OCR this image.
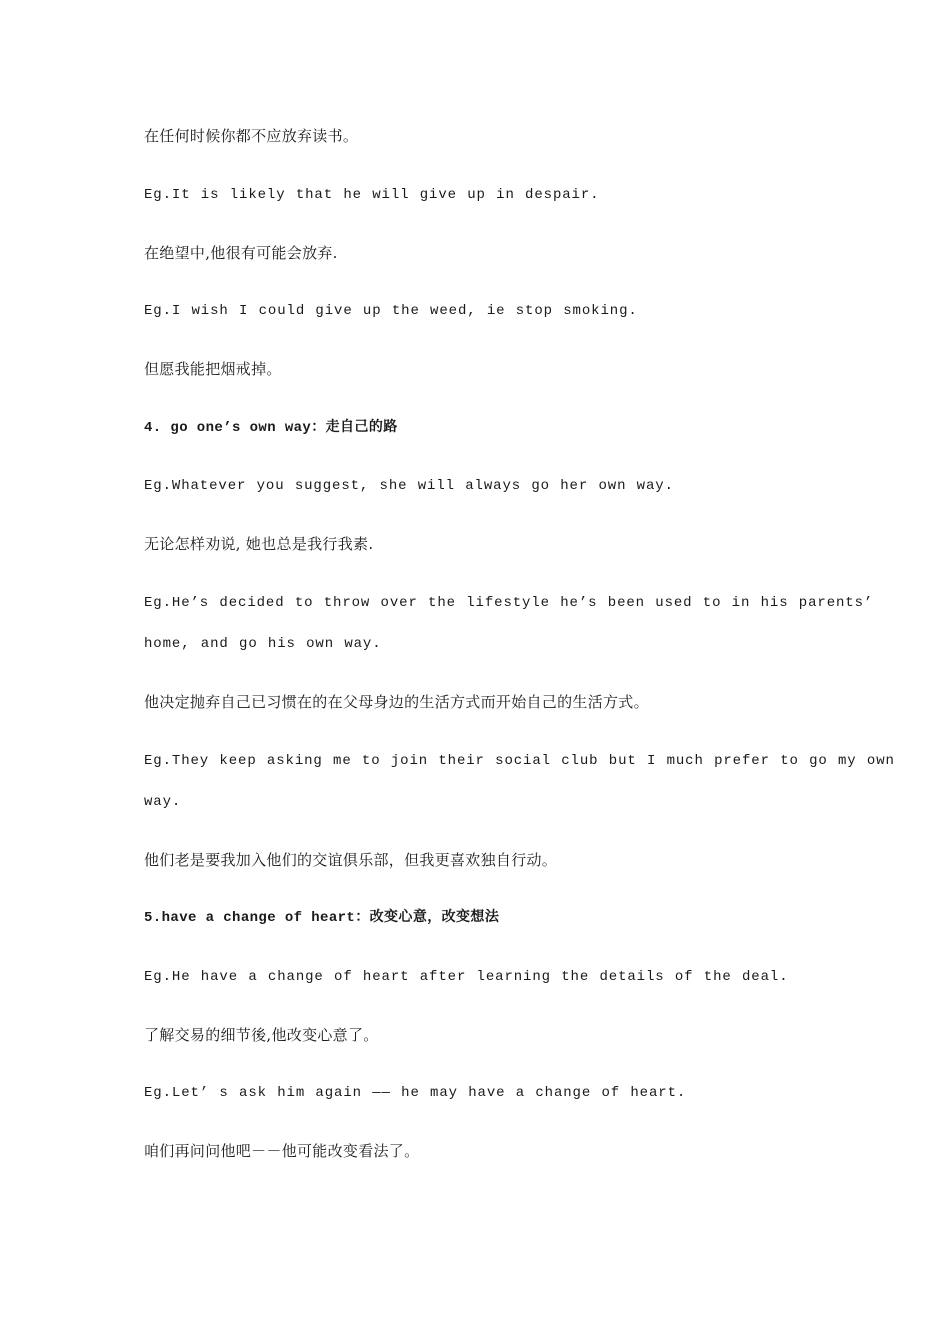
在任何时候你都不应放弃读书。

Eg.It is likely that he will give up in despair.

在绝望中,他很有可能会放弃.

Eg.I wish I could give up the weed, ie stop smoking.

但愿我能把烟戒掉。

4. go one’s own way：走自己的路

Eg.Whatever you suggest, she will always go her own way.

无论怎样劝说, 她也总是我行我素.

Eg.He’s decided to throw over the lifestyle he’s been used to in his parents’

home, and go his own way.

他决定抛弃自己已习惯在的在父母身边的生活方式而开始自己的生活方式。

Eg.They keep asking me to join their social club but I much prefer to go my own

way.

他们老是要我加入他们的交谊俱乐部，但我更喜欢独自行动。

5.have a change of heart：改变心意，改变想法

Eg.He have a change of heart after learning the details of the deal.

了解交易的细节後,他改变心意了。

Eg.Let’ s ask him again —— he may have a change of heart.

咱们再问问他吧－－他可能改变看法了。
